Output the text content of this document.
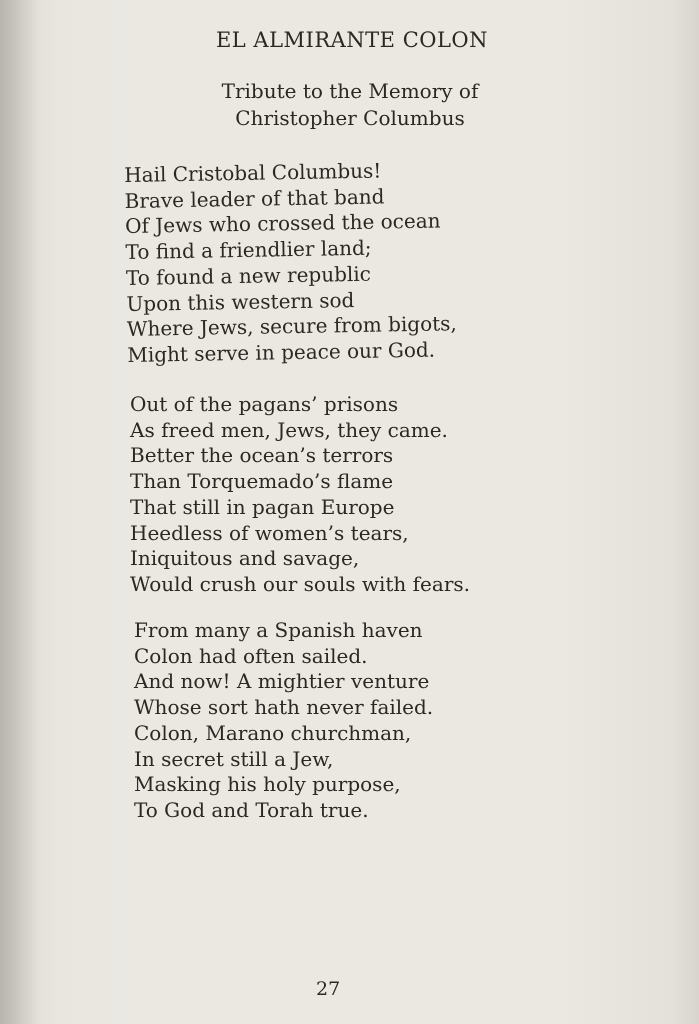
EL ALMIRANTE COLON
Tribute to the Memory of
Christopher Columbus
Hail Cristobal Columbus!
Brave leader of that band
Of Jews who crossed the ocean
To find a friendlier land;
To found a new republic
Upon this western sod
Where Jews, secure from bigots,
Might serve in peace our God.
Out of the pagans’ prisons
As freed men, Jews, they came.
Better the ocean’s terrors
Than Torquemado’s flame
That still in pagan Europe
Heedless of women’s tears,
Iniquitous and savage,
Would crush our souls with fears.
From many a Spanish haven
Colon had often sailed.
And now! A mightier venture
Whose sort hath never failed.
Colon, Marano churchman,
In secret still a Jew,
Masking his holy purpose,
To God and Torah true.
27
